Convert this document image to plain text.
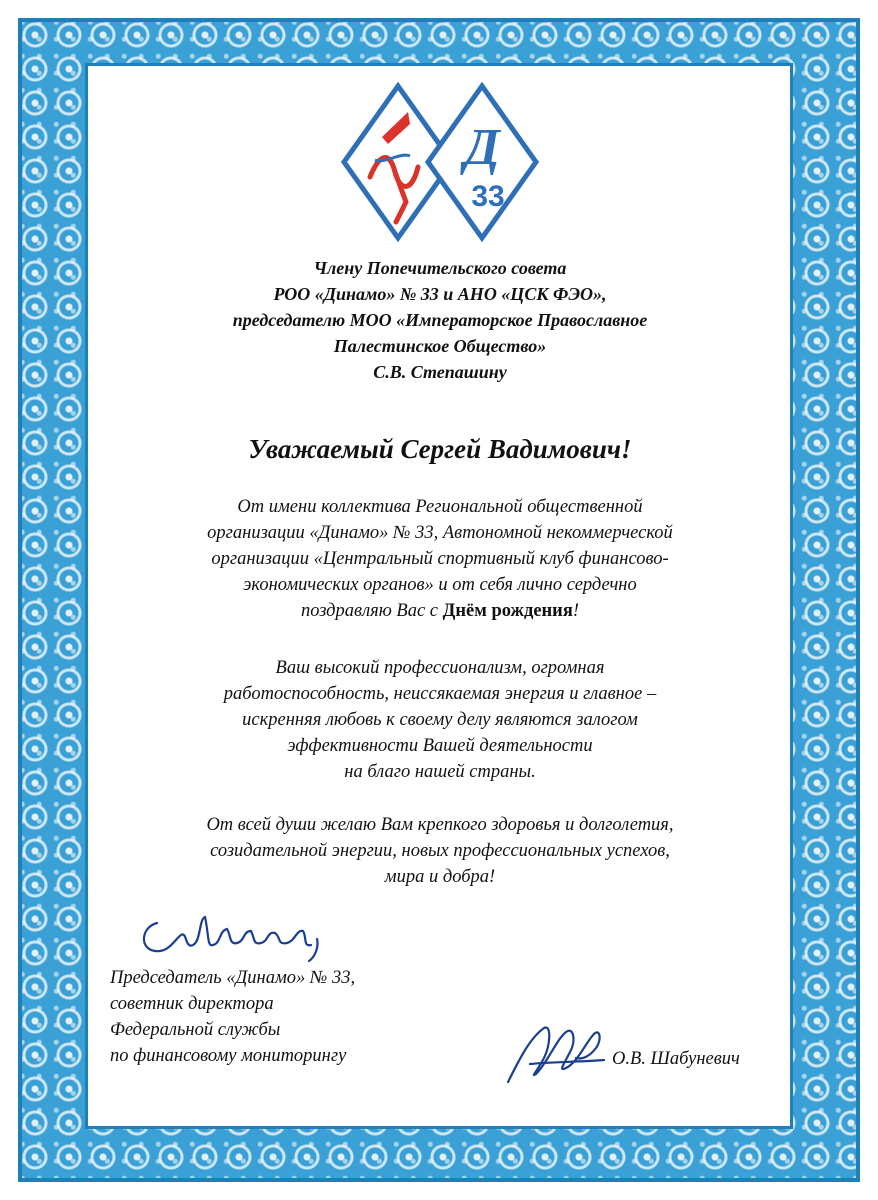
Д
33
Члену Попечительского совета
РОО «Динамо» № 33 и АНО «ЦСК ФЭО»,
председателю МОО «Императорское Православное
Палестинское Общество»
С.В. Степашину
Уважаемый Сергей Вадимович!
От имени коллектива Региональной общественной
организации «Динамо» № 33, Автономной некоммерческой
организации «Центральный спортивный клуб финансово-
экономических органов» и от себя лично сердечно
поздравляю Вас с Днём рождения!
Ваш высокий профессионализм, огромная
работоспособность, неиссякаемая энергия и главное –
искренняя любовь к своему делу являются залогом
эффективности Вашей деятельности
на благо нашей страны.
От всей души желаю Вам крепкого здоровья и долголетия,
созидательной энергии, новых профессиональных успехов,
мира и добра!
Председатель «Динамо» № 33,
советник директора
Федеральной службы
по финансовому мониторингу	О.В. Шабуневич
